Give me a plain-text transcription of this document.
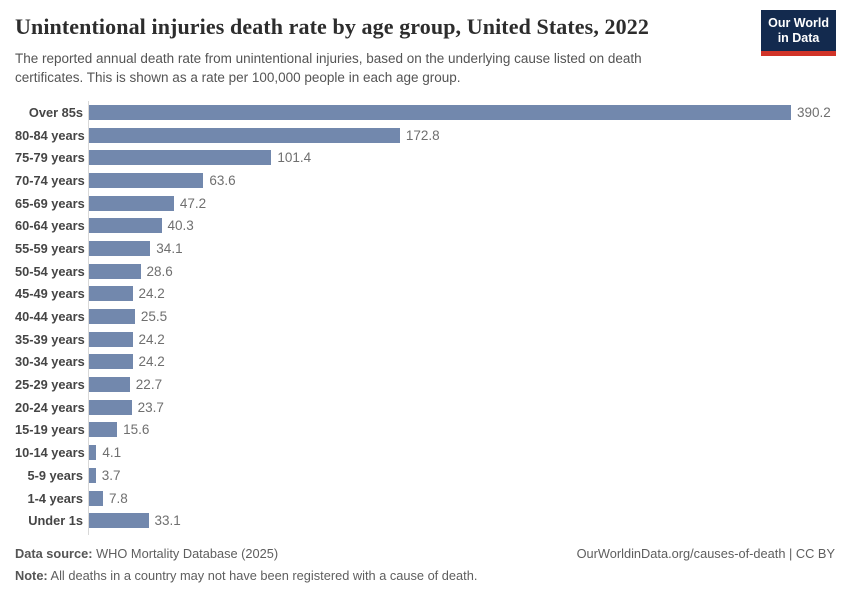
Unintentional injuries death rate by age group, United States, 2022
The reported annual death rate from unintentional injuries, based on the underlying cause listed on death
certificates. This is shown as a rate per 100,000 people in each age group.
Our World
in Data
Over 85s	390.2
80-84 years	172.8
75-79 years	101.4
70-74 years	63.6
65-69 years	47.2
60-64 years	40.3
55-59 years	34.1
50-54 years	28.6
45-49 years	24.2
40-44 years	25.5
35-39 years	24.2
30-34 years	24.2
25-29 years	22.7
20-24 years	23.7
15-19 years	15.6
10-14 years 4.1
5-9 years 3.7
1-4 years 7.8
Under 1s	33.1
Data source: WHO Mortality Database (2025)	OurWorldinData.org/causes-of-death | CC BY
Note: All deaths in a country may not have been registered with a cause of death.
